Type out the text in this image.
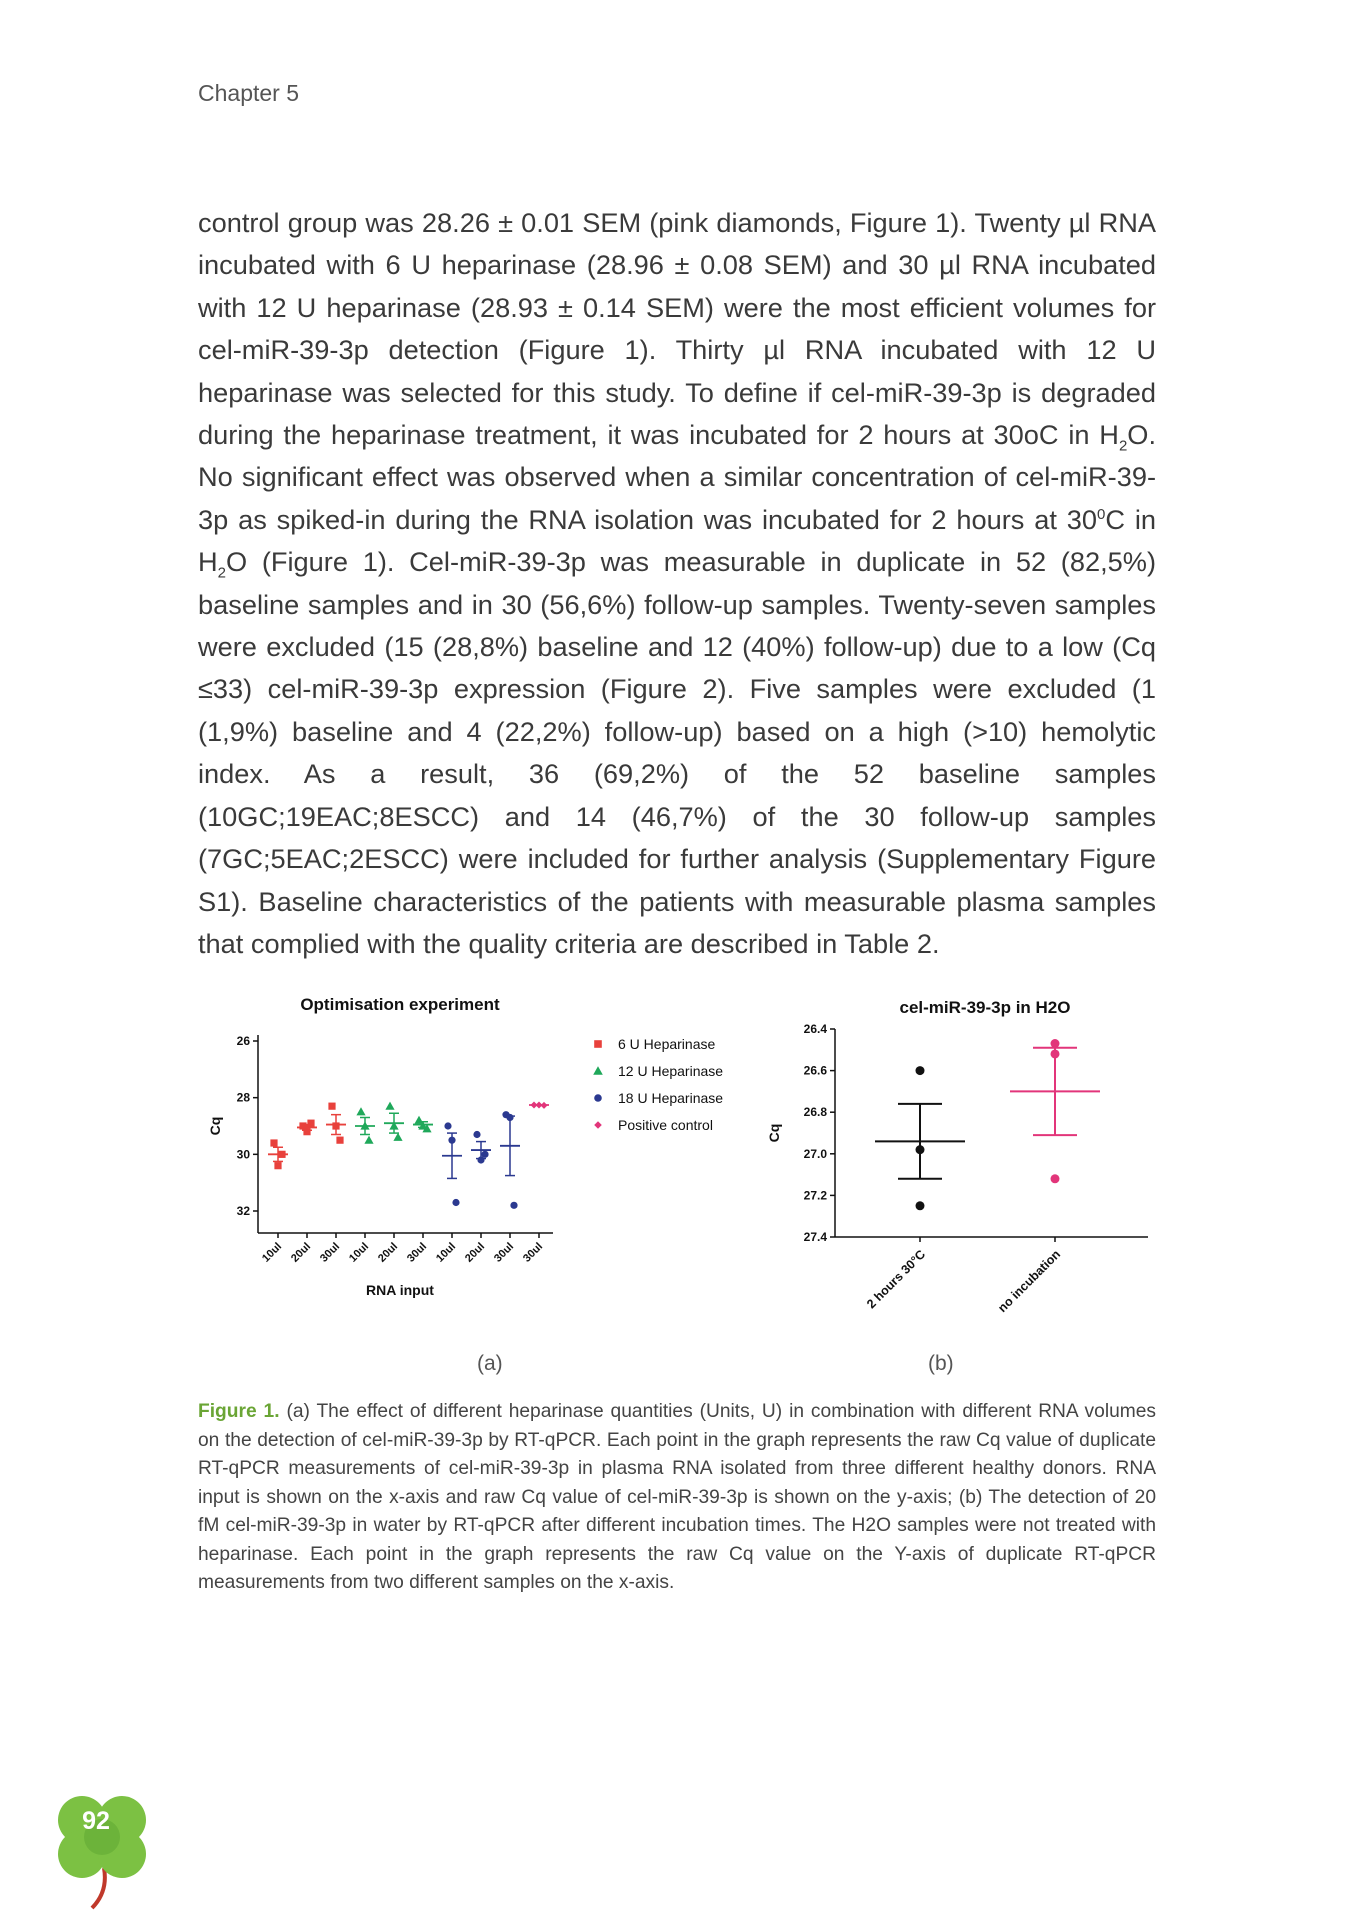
Chapter 5
control group was 28.26 ± 0.01 SEM (pink diamonds, Figure 1). Twenty µl RNA incubated with 6 U heparinase (28.96 ± 0.08 SEM) and 30 µl RNA incubated with 12 U heparinase (28.93 ± 0.14 SEM) were the most efficient volumes for cel-miR-39-3p detection (Figure 1). Thirty µl RNA incubated with 12 U heparinase was selected for this study. To define if cel-miR-39-3p is degraded during the heparinase treatment, it was incubated for 2 hours at 30oC in $H_2O$. No significant effect was observed when a similar concentration of cel-miR-39-3p as spiked-in during the RNA isolation was incubated for 2 hours at $30^0C$ in $H_2O$ (Figure 1). Cel-miR-39-3p was measurable in duplicate in 52 (82,5%) baseline samples and in 30 (56,6%) follow-up samples. Twenty-seven samples were excluded (15 (28,8%) baseline and 12 (40%) follow-up) due to a low (Cq ≤33) cel-miR-39-3p expression (Figure 2). Five samples were excluded (1 (1,9%) baseline and 4 (22,2%) follow-up) based on a high (>10) hemolytic index. As a result, 36 (69,2%) of the 52 baseline samples (10GC;19EAC;8ESCC) and 14 (46,7%) of the 30 follow-up samples (7GC;5EAC;2ESCC) were included for further analysis (Supplementary Figure S1). Baseline characteristics of the patients with measurable plasma samples that complied with the quality criteria are described in Table 2.
Optimisation experiment
26
28
30
32
Cq
10ul 20ul 30ul 10ul 20ul 30ul 10ul 20ul 30ul 30ul
RNA input
6 U Heparinase
12 U Heparinase
18 U Heparinase
Positive control
(a)
cel-miR-39-3p in H2O
26.4
26.6
26.8
27.0
27.2
27.4
Cq
2 hours 30°C	no incubation
(b)
Figure 1. (a) The effect of different heparinase quantities (Units, U) in combination with different RNA volumes on the detection of cel-miR-39-3p by RT-qPCR. Each point in the graph represents the raw Cq value of duplicate RT-qPCR measurements of cel-miR-39-3p in plasma RNA isolated from three different healthy donors. RNA input is shown on the x-axis and raw Cq value of cel-miR-39-3p is shown on the y-axis; (b) The detection of 20 fM cel-miR-39-3p in water by RT-qPCR after different incubation times. The H2O samples were not treated with heparinase. Each point in the graph represents the raw Cq value on the Y-axis of duplicate RT-qPCR measurements from two different samples on the x-axis.
92
